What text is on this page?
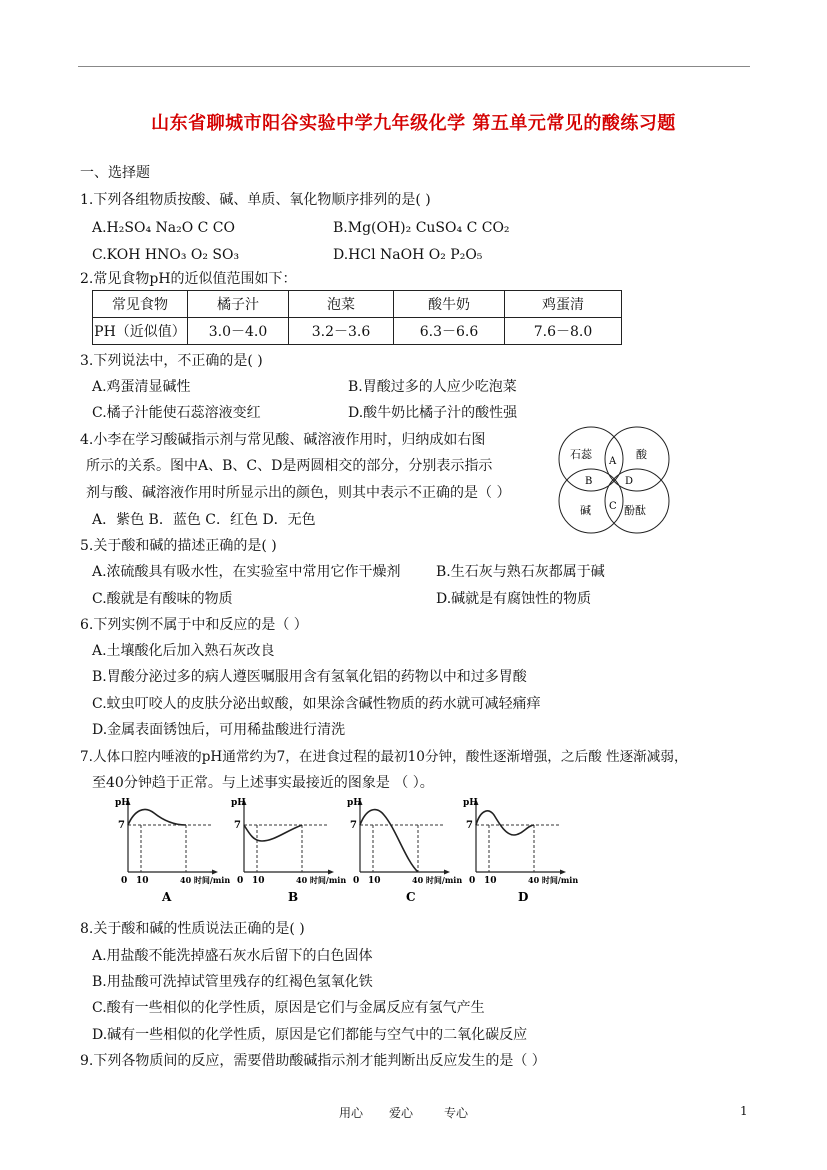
山东省聊城市阳谷实验中学九年级化学 第五单元常见的酸练习题
一、选择题
1.下列各组物质按酸、碱、单质、氧化物顺序排列的是( )
A.H₂SO₄ Na₂O C CO	B.Mg(OH)₂ CuSO₄ C CO₂
C.KOH HNO₃ O₂ SO₃	D.HCl NaOH O₂ P₂O₅
2.常见食物pH的近似值范围如下：
常见食物	橘子汁	泡菜	酸牛奶	鸡蛋清
PH（近似值）	3.0－4.0	3.2－3.6	6.3－6.6	7.6－8.0
3.下列说法中，不正确的是( )
A.鸡蛋清显碱性	B.胃酸过多的人应少吃泡菜
C.橘子汁能使石蕊溶液变红	D.酸牛奶比橘子汁的酸性强
4.小李在学习酸碱指示剂与常见酸、碱溶液作用时，归纳成如右图
所示的关系。图中A、B、C、D是两圆相交的部分，分别表示指示
剂与酸、碱溶液作用时所显示出的颜色，则其中表示不正确的是（ ）
A．紫色 B．蓝色 C．红色 D．无色
石蕊	酸
碱	酚酞
A
B
C
D
5.关于酸和碱的描述正确的是( )
A.浓硫酸具有吸水性，在实验室中常用它作干燥剂	B.生石灰与熟石灰都属于碱
C.酸就是有酸味的物质	D.碱就是有腐蚀性的物质
6.下列实例不属于中和反应的是（ ）
A.土壤酸化后加入熟石灰改良
B.胃酸分泌过多的病人遵医嘱服用含有氢氧化铝的药物以中和过多胃酸
C.蚊虫叮咬人的皮肤分泌出蚁酸，如果涂含碱性物质的药水就可减轻痛痒
D.金属表面锈蚀后，可用稀盐酸进行清洗
7.人体口腔内唾液的pH通常约为7，在进食过程的最初10分钟，酸性逐渐增强，之后酸 性逐渐减弱，
至40分钟趋于正常。与上述事实最接近的图象是 （ ）。
pH
7
0 10	40 时间/min
A
pH
7
0 10	40 时间/min
B
pH
7
0 10	40 时间/min
C
pH
7
0 10	40 时间/min
D
8.关于酸和碱的性质说法正确的是( )
A.用盐酸不能洗掉盛石灰水后留下的白色固体
B.用盐酸可洗掉试管里残存的红褐色氢氧化铁
C.酸有一些相似的化学性质，原因是它们与金属反应有氢气产生
D.碱有一些相似的化学性质，原因是它们都能与空气中的二氧化碳反应
9.下列各物质间的反应，需要借助酸碱指示剂才能判断出反应发生的是（ ）
用心 爱心	专心	1
